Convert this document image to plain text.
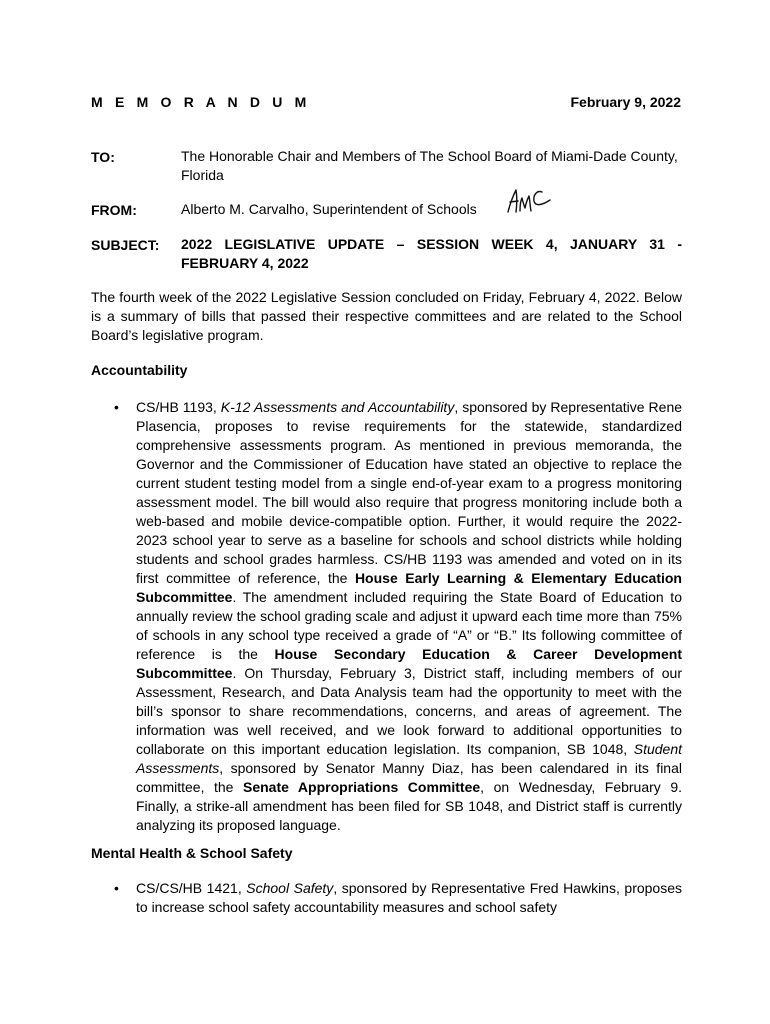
M E M O R A N D U M	February 9, 2022
TO:	The Honorable Chair and Members of The School Board of Miami-Dade County, Florida
FROM:	Alberto M. Carvalho, Superintendent of Schools
SUBJECT: 2022 LEGISLATIVE UPDATE – SESSION WEEK 4, JANUARY 31 - FEBRUARY 4, 2022
The fourth week of the 2022 Legislative Session concluded on Friday, February 4, 2022. Below is a summary of bills that passed their respective committees and are related to the School Board’s legislative program.
Accountability
• CS/HB 1193, K-12 Assessments and Accountability, sponsored by Representative Rene Plasencia, proposes to revise requirements for the statewide, standardized comprehensive assessments program. As mentioned in previous memoranda, the Governor and the Commissioner of Education have stated an objective to replace the current student testing model from a single end-of-year exam to a progress monitoring assessment model. The bill would also require that progress monitoring include both a web-based and mobile device-compatible option. Further, it would require the 2022-2023 school year to serve as a baseline for schools and school districts while holding students and school grades harmless. CS/HB 1193 was amended and voted on in its first committee of reference, the House Early Learning & Elementary Education Subcommittee. The amendment included requiring the State Board of Education to annually review the school grading scale and adjust it upward each time more than 75% of schools in any school type received a grade of “A” or “B.” Its following committee of reference is the House Secondary Education & Career Development Subcommittee. On Thursday, February 3, District staff, including members of our Assessment, Research, and Data Analysis team had the opportunity to meet with the bill’s sponsor to share recommendations, concerns, and areas of agreement. The information was well received, and we look forward to additional opportunities to collaborate on this important education legislation. Its companion, SB 1048, Student Assessments, sponsored by Senator Manny Diaz, has been calendared in its final committee, the Senate Appropriations Committee, on Wednesday, February 9. Finally, a strike-all amendment has been filed for SB 1048, and District staff is currently analyzing its proposed language.
Mental Health & School Safety
• CS/CS/HB 1421, School Safety, sponsored by Representative Fred Hawkins, proposes to increase school safety accountability measures and school safety
